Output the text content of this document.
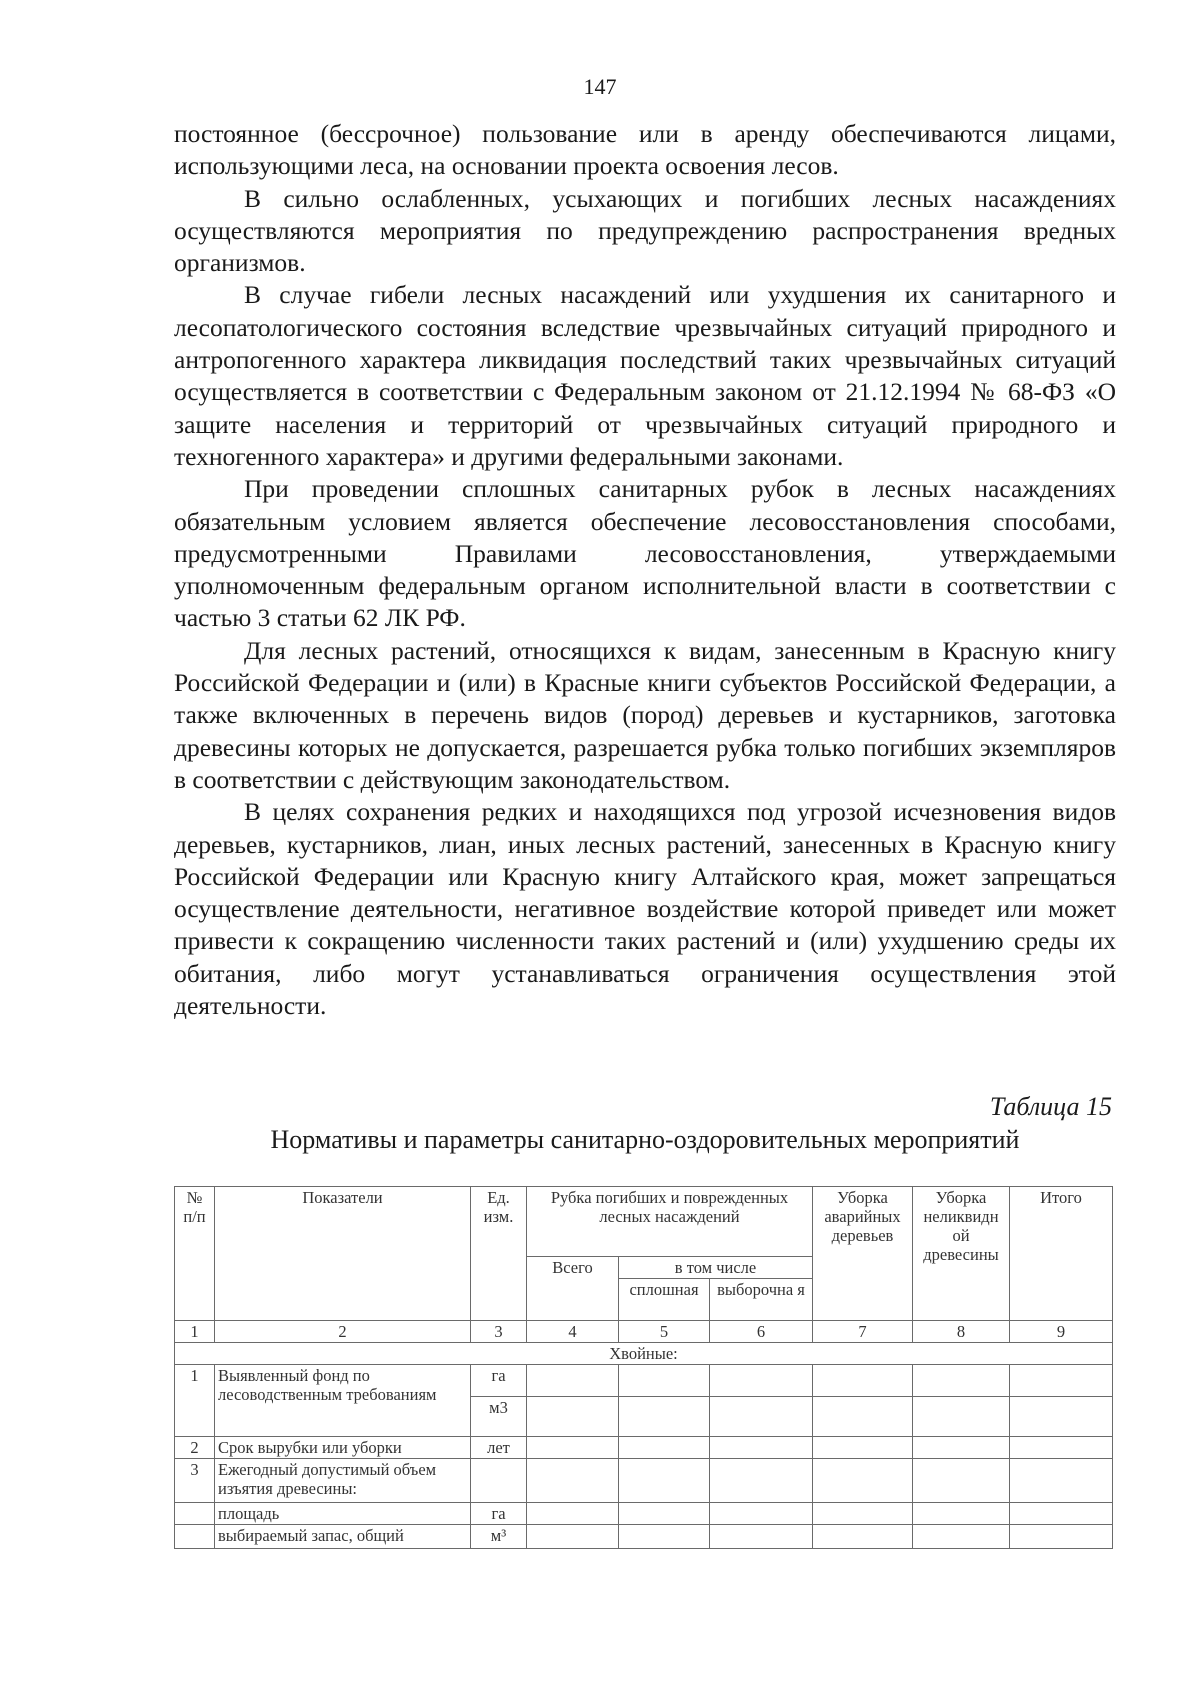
147

постоянное (бессрочное) пользование или в аренду обеспечиваются лицами, использующими леса, на основании проекта освоения лесов.

В сильно ослабленных, усыхающих и погибших лесных насаждениях осуществляются мероприятия по предупреждению распространения вредных организмов.

В случае гибели лесных насаждений или ухудшения их санитарного и лесопатологического состояния вследствие чрезвычайных ситуаций природного и антропогенного характера ликвидация последствий таких чрезвычайных ситуаций осуществляется в соответствии с Федеральным законом от 21.12.1994 № 68-ФЗ «О защите населения и территорий от чрезвычайных ситуаций природного и техногенного характера» и другими федеральными законами.

При проведении сплошных санитарных рубок в лесных насаждениях обязательным условием является обеспечение лесовосстановления способами, предусмотренными Правилами лесовосстановления, утверждаемыми уполномоченным федеральным органом исполнительной власти в соответствии с частью 3 статьи 62 ЛК РФ.

Для лесных растений, относящихся к видам, занесенным в Красную книгу Российской Федерации и (или) в Красные книги субъектов Российской Федерации, а также включенных в перечень видов (пород) деревьев и кустарников, заготовка древесины которых не допускается, разрешается рубка только погибших экземпляров в соответствии с действующим законодательством.

В целях сохранения редких и находящихся под угрозой исчезновения видов деревьев, кустарников, лиан, иных лесных растений, занесенных в Красную книгу Российской Федерации или Красную книгу Алтайского края, может запрещаться осуществление деятельности, негативное воздействие которой приведет или может привести к сокращению численности таких растений и (или) ухудшению среды их обитания, либо могут устанавливаться ограничения осуществления этой деятельности.

Таблица 15
Нормативы и параметры санитарно-оздоровительных мероприятий
№ п/п	Показатели	Ед. изм.	Рубка погибших и поврежденных лесных насаждений			Уборка аварийных деревьев	Уборка неликвидн ой древесины	Итого
			Всего	в том числе				
				сплошная	выборочна я			
1	2	3	4	5	6	7	8	9
Хвойные:								
1	Выявленный фонд по лесоводственным требованиям	га						
		м3						
2	Срок вырубки или уборки	лет						
3	Ежегодный допустимый объем изъятия древесины:							
	площадь	га						
	выбираемый запас, общий	м³						
